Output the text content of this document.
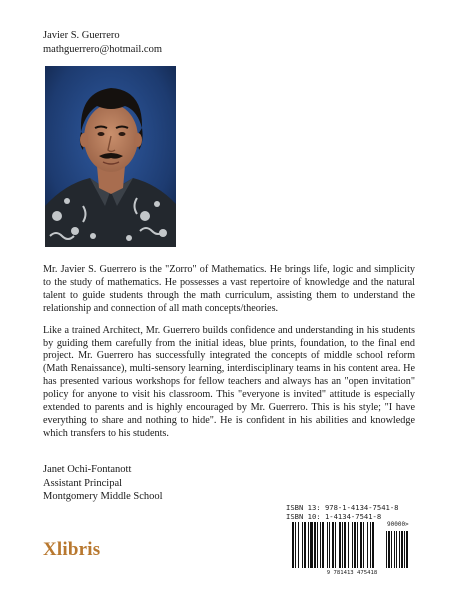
Javier S. Guerrero
mathguerrero@hotmail.com

Mr. Javier S. Guerrero is the "Zorro" of Mathematics. He brings life, logic and simplicity to the study of mathematics. He possesses a vast repertoire of knowledge and the natural talent to guide students through the math curriculum, assisting them to understand the relationship and connection of all math concepts/theories.

Like a trained Architect, Mr. Guerrero builds confidence and understanding in his students by guiding them carefully from the initial ideas, blue prints, foundation, to the final end project. Mr. Guerrero has successfully integrated the concepts of middle school reform (Math Renaissance), multi-sensory learning, interdisciplinary teams in his content area. He has presented various workshops for fellow teachers and always has an "open invitation" policy for anyone to visit his classroom. This "everyone is invited" attitude is especially extended to parents and is highly encouraged by Mr. Guerrero. This is his style; "I have everything to share and nothing to hide". He is confident in his abilities and knowledge which transfers to his students.

Janet Ochi-Fontanott
Assistant Principal
Montgomery Middle School
Xlibris
ISBN 13: 978-1-4134-7541-8
ISBN 10: 1-4134-7541-8
90000>
9 781413 475418
